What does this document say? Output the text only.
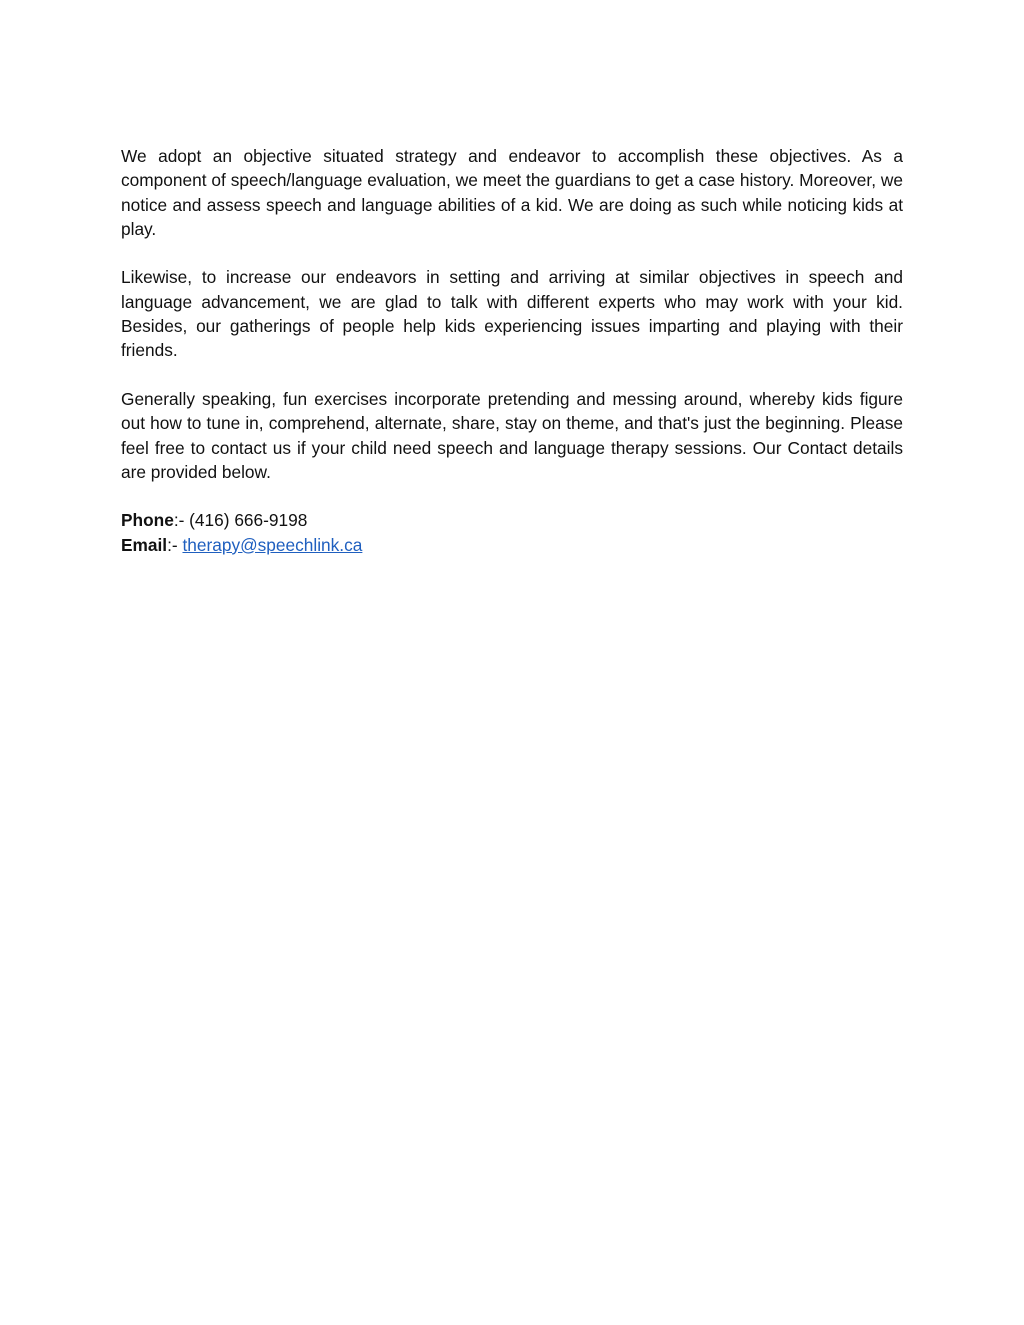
We adopt an objective situated strategy and endeavor to accomplish these objectives. As a component of speech/language evaluation, we meet the guardians to get a case history. Moreover, we notice and assess speech and language abilities of a kid. We are doing as such while noticing kids at play.

Likewise, to increase our endeavors in setting and arriving at similar objectives in speech and language advancement, we are glad to talk with different experts who may work with your kid. Besides, our gatherings of people help kids experiencing issues imparting and playing with their friends.

Generally speaking, fun exercises incorporate pretending and messing around, whereby kids figure out how to tune in, comprehend, alternate, share, stay on theme, and that's just the beginning. Please feel free to contact us if your child need speech and language therapy sessions. Our Contact details are provided below.

Phone:- (416) 666-9198

Email:- therapy@speechlink.ca
